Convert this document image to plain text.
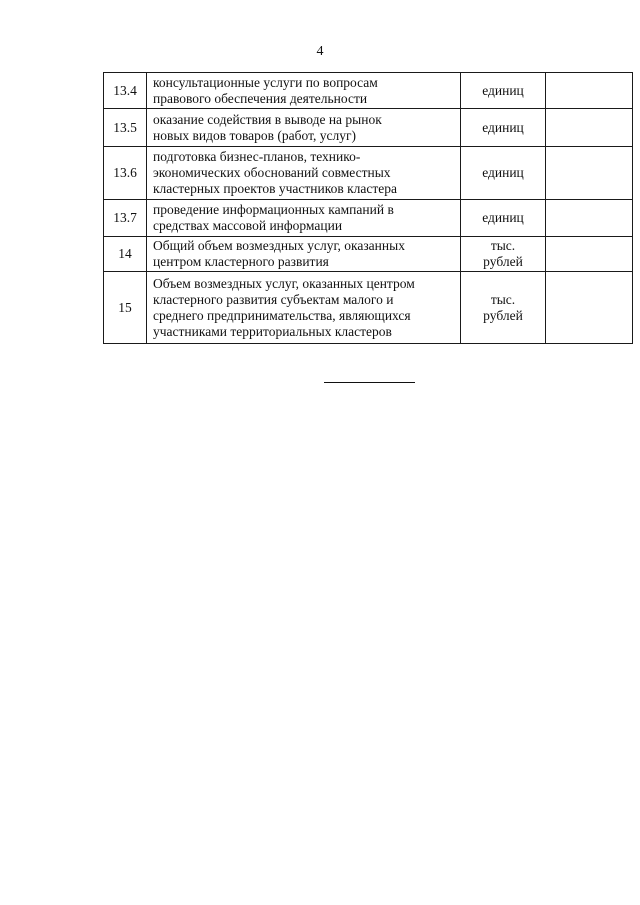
4
13.4	консультационные услуги по вопросам
правового обеспечения деятельности	единиц	

13.5	оказание содействия в выводе на рынок
новых видов товаров (работ, услуг)	единиц	

13.6	подготовка бизнес-планов, технико-
экономических обоснований совместных
кластерных проектов участников кластера	единиц	

13.7	проведение информационных кампаний в
средствах массовой информации	единиц	

14	Общий объем возмездных услуг, оказанных
центром кластерного развития	тыс.
рублей	

15	Объем возмездных услуг, оказанных центром
кластерного развития субъектам малого и
среднего предпринимательства, являющихся
участниками территориальных кластеров	тыс.
рублей	
